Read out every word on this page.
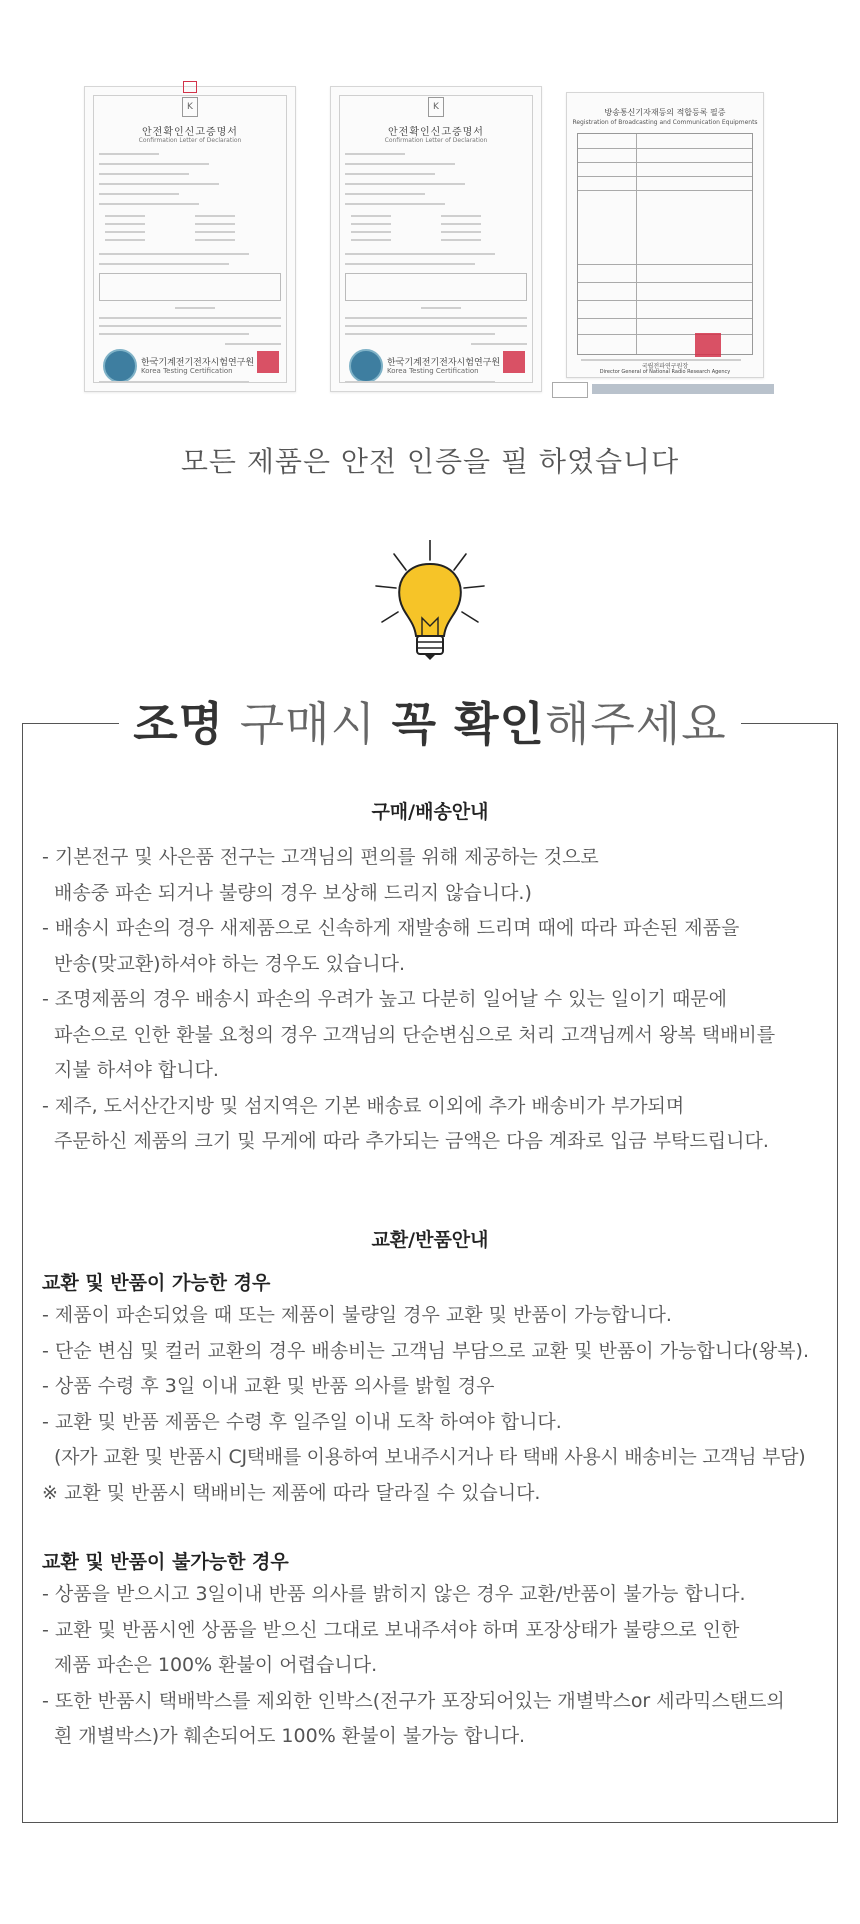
K
안전확인신고증명서
Confirmation Letter of Declaration
한국기계전기전자시험연구원
Korea Testing Certification
K
안전확인신고증명서
Confirmation Letter of Declaration
한국기계전기전자시험연구원
Korea Testing Certification
방송통신기자재등의 적합등록 필증
Registration of Broadcasting and Communication Equipments
국립전파연구원장
Director General of National Radio Research Agency
모든 제품은 안전 인증을 필 하였습니다
조명 구매시 꼭 확인해주세요
구매/배송안내
- 기본전구 및 사은품 전구는 고객님의 편의를 위해 제공하는 것으로
배송중 파손 되거나 불량의 경우 보상해 드리지 않습니다.)
- 배송시 파손의 경우 새제품으로 신속하게 재발송해 드리며 때에 따라 파손된 제품을
반송(맞교환)하셔야 하는 경우도 있습니다.
- 조명제품의 경우 배송시 파손의 우려가 높고 다분히 일어날 수 있는 일이기 때문에
파손으로 인한 환불 요청의 경우 고객님의 단순변심으로 처리 고객님께서 왕복 택배비를
지불 하셔야 합니다.
- 제주, 도서산간지방 및 섬지역은 기본 배송료 이외에 추가 배송비가 부가되며
주문하신 제품의 크기 및 무게에 따라 추가되는 금액은 다음 계좌로 입금 부탁드립니다.
교환/반품안내
교환 및 반품이 가능한 경우
- 제품이 파손되었을 때 또는 제품이 불량일 경우 교환 및 반품이 가능합니다.
- 단순 변심 및 컬러 교환의 경우 배송비는 고객님 부담으로 교환 및 반품이 가능합니다(왕복).
- 상품 수령 후 3일 이내 교환 및 반품 의사를 밝힐 경우
- 교환 및 반품 제품은 수령 후 일주일 이내 도착 하여야 합니다.
(자가 교환 및 반품시 CJ택배를 이용하여 보내주시거나 타 택배 사용시 배송비는 고객님 부담)
※ 교환 및 반품시 택배비는 제품에 따라 달라질 수 있습니다.
교환 및 반품이 불가능한 경우
- 상품을 받으시고 3일이내 반품 의사를 밝히지 않은 경우 교환/반품이 불가능 합니다.
- 교환 및 반품시엔 상품을 받으신 그대로 보내주셔야 하며 포장상태가 불량으로 인한
제품 파손은 100% 환불이 어렵습니다.
- 또한 반품시 택배박스를 제외한 인박스(전구가 포장되어있는 개별박스or 세라믹스탠드의
흰 개별박스)가 훼손되어도 100% 환불이 불가능 합니다.
